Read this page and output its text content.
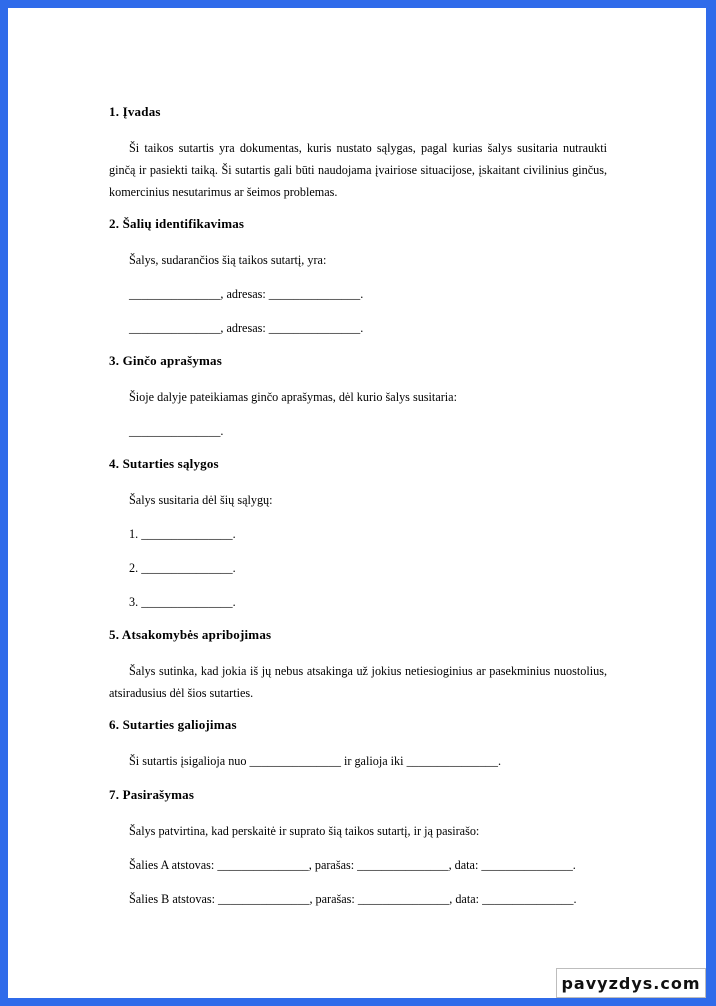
1. Įvadas

Ši taikos sutartis yra dokumentas, kuris nustato sąlygas, pagal kurias šalys susitaria nutraukti ginčą ir pasiekti taiką. Ši sutartis gali būti naudojama įvairiose situacijose, įskaitant civilinius ginčus, komercinius nesutarimus ar šeimos problemas.

2. Šalių identifikavimas

Šalys, sudarančios šią taikos sutartį, yra:

_______________, adresas: _______________.

_______________, adresas: _______________.

3. Ginčo aprašymas

Šioje dalyje pateikiamas ginčo aprašymas, dėl kurio šalys susitaria:

_______________.

4. Sutarties sąlygos

Šalys susitaria dėl šių sąlygų:

1. _______________.

2. _______________.

3. _______________.

5. Atsakomybės apribojimas

Šalys sutinka, kad jokia iš jų nebus atsakinga už jokius netiesioginius ar pasekminius nuostolius, atsiradusius dėl šios sutarties.

6. Sutarties galiojimas

Ši sutartis įsigalioja nuo _______________ ir galioja iki _______________.

7. Pasirašymas

Šalys patvirtina, kad perskaitė ir suprato šią taikos sutartį, ir ją pasirašo:

Šalies A atstovas: _______________, parašas: _______________, data: _______________.

Šalies B atstovas: _______________, parašas: _______________, data: _______________.

pavyzdys.com
